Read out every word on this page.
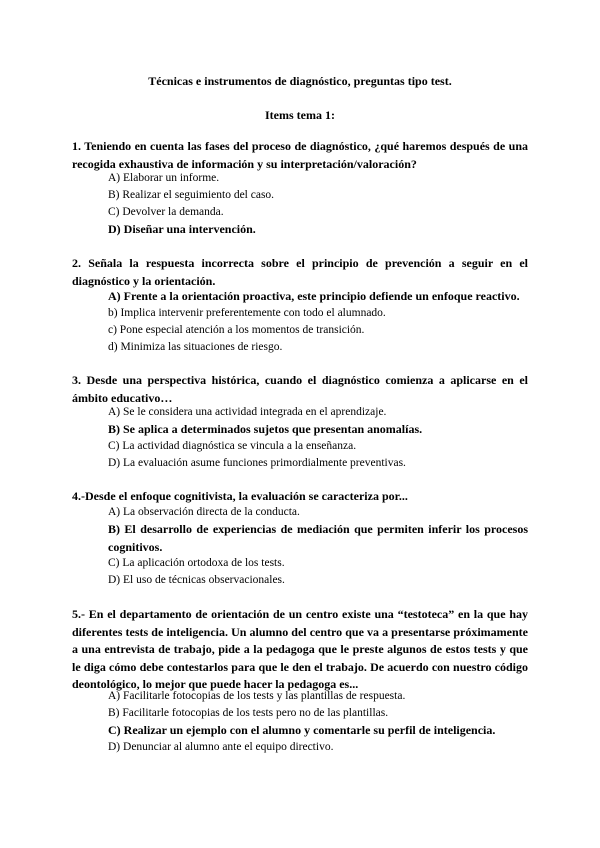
Técnicas e instrumentos de diagnóstico, preguntas tipo test.
Items tema 1:
1. Teniendo en cuenta las fases del proceso de diagnóstico, ¿qué haremos después de una recogida exhaustiva de información y su interpretación/valoración?
A) Elaborar un informe.
B) Realizar el seguimiento del caso.
C) Devolver la demanda.
D) Diseñar una intervención.
2. Señala la respuesta incorrecta sobre el principio de prevención a seguir en el diagnóstico y la orientación.
A) Frente a la orientación proactiva, este principio defiende un enfoque reactivo.
b) Implica intervenir preferentemente con todo el alumnado.
c) Pone especial atención a los momentos de transición.
d) Minimiza las situaciones de riesgo.
3. Desde una perspectiva histórica, cuando el diagnóstico comienza a aplicarse en el ámbito educativo…
A) Se le considera una actividad integrada en el aprendizaje.
B) Se aplica a determinados sujetos que presentan anomalías.
C) La actividad diagnóstica se vincula a la enseñanza.
D) La evaluación asume funciones primordialmente preventivas.
4.-Desde el enfoque cognitivista, la evaluación se caracteriza por...
A) La observación directa de la conducta.
B) El desarrollo de experiencias de mediación que permiten inferir los procesos cognitivos.
C) La aplicación ortodoxa de los tests.
D) El uso de técnicas observacionales.
5.- En el departamento de orientación de un centro existe una “testoteca” en la que hay diferentes tests de inteligencia. Un alumno del centro que va a presentarse próximamente a una entrevista de trabajo, pide a la pedagoga que le preste algunos de estos tests y que le diga cómo debe contestarlos para que le den el trabajo. De acuerdo con nuestro código deontológico, lo mejor que puede hacer la pedagoga es...
A) Facilitarle fotocopias de los tests y las plantillas de respuesta.
B) Facilitarle fotocopias de los tests pero no de las plantillas.
C) Realizar un ejemplo con el alumno y comentarle su perfil de inteligencia.
D) Denunciar al alumno ante el equipo directivo.
